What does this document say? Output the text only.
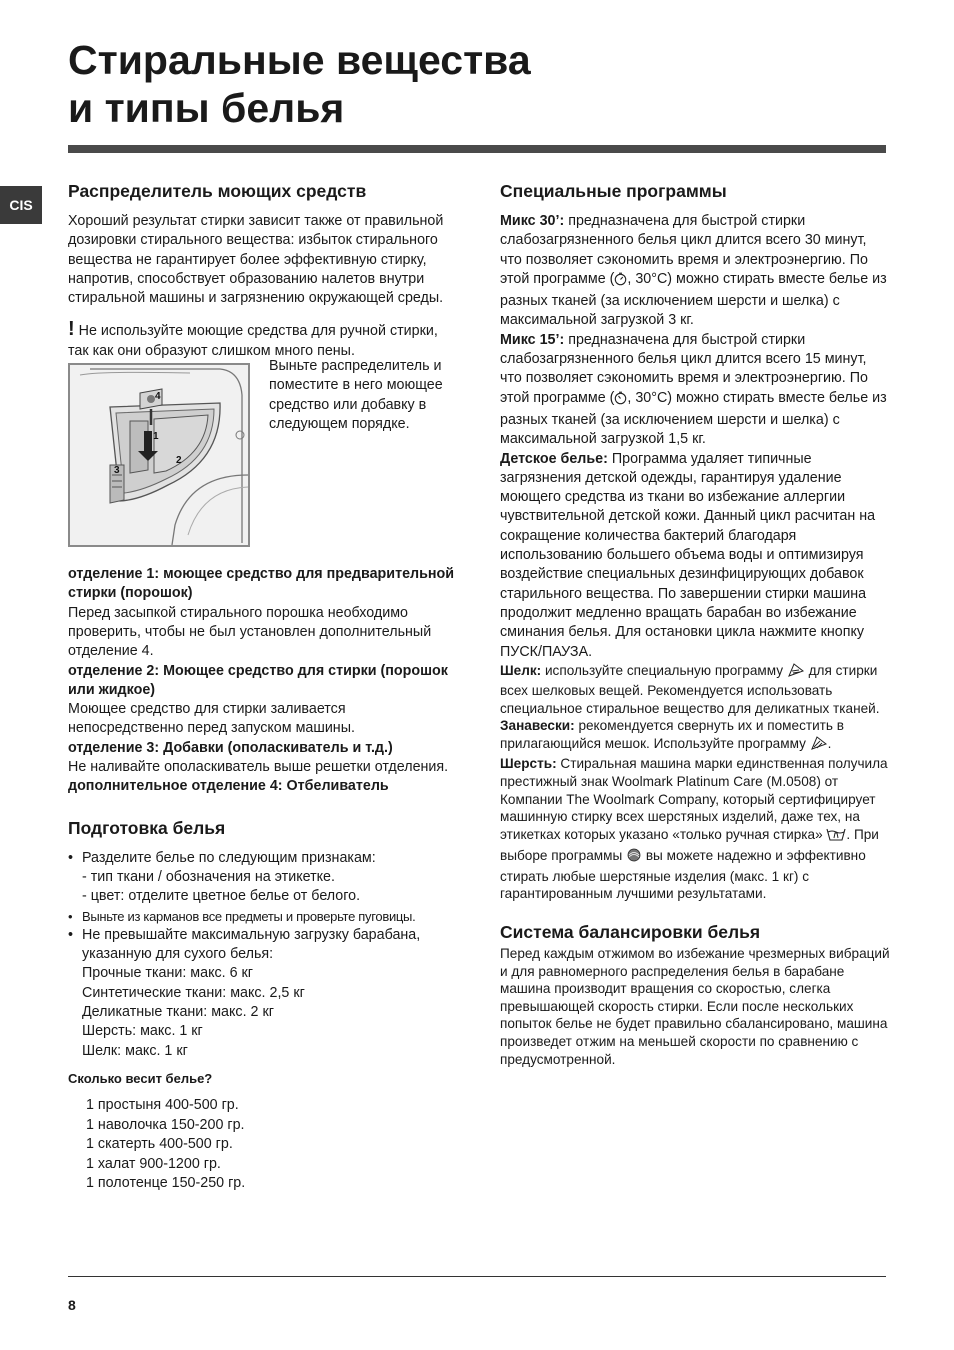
Стиральные вещества
и типы белья
CIS
Распределитель моющих средств

Хороший результат стирки зависит также от правильной дозировки стирального вещества: избыток стирального вещества не гарантирует более эффективную стирку, напротив, способствует образованию налетов внутри стиральной машины и загрязнению окружающей среды.

! Не используйте моющие средства для ручной стирки, так как они образуют слишком много пены.

4
1
2
3

Выньте распределитель и поместите в него моющее средство или добавку в следующем порядке.

отделение 1: моющее средство для предварительной стирки (порошок)

Перед засыпкой стирального порошка необходимо проверить, чтобы не был установлен дополнительный отделение 4.

отделение 2: Моющее средство для стирки (порошок или жидкое)

Моющее средство для стирки заливается непосредственно перед запуском машины.

отделение 3: Добавки (ополаскиватель и т.д.)

Не наливайте ополаскиватель выше решетки отделения.

дополнительное отделение 4: Отбеливатель

Подготовка белья
• Разделите белье по следующим признакам:
- тип ткани / обозначения на этикетке.
- цвет: отделите цветное белье от белого.
• Выньте из карманов все предметы и проверьте пуговицы.
• Не превышайте максимальную загрузку барабана, указанную для сухого белья:
Прочные ткани: макс. 6 кг
Синтетические ткани: макс. 2,5 кг
Деликатные ткани: макс. 2 кг
Шерсть: макс. 1 кг
Шелк: макс. 1 кг

Сколько весит белье?

1 простыня 400-500 гр.
1 наволочка 150-200 гр.
1 скатерть 400-500 гр.
1 халат 900-1200 гр.
1 полотенце 150-250 гр.
Специальные программы

Микс 30’: предназначена для быстрой стирки слабозагрязненного белья цикл длится всего 30 минут, что позволяет сэкономить время и электроэнергию. По этой программе ( , 30°C) можно стирать вместе белье из разных тканей (за исключением шерсти и шелка) с максимальной загрузкой 3 кг.

Микс 15’: предназначена для быстрой стирки слабозагрязненного белья цикл длится всего 15 минут, что позволяет сэкономить время и электроэнергию. По этой программе ( , 30°C) можно стирать вместе белье из разных тканей (за исключением шерсти и шелка) с максимальной загрузкой 1,5 кг.

Детское белье: Программа удаляет типичные загрязнения детской одежды, гарантируя удаление моющего средства из ткани во избежание аллергии чувствительной детской кожи. Данный цикл расчитан на сокращение количества бактерий благодаря использованию большего объема воды и оптимизируя воздействие специальных дезинфицирующих добавок старильного вещества. По завершении стирки машина продолжит медленно вращать барабан во избежание сминания белья. Для остановки цикла нажмите кнопку ПУСК/ПАУЗА.

Шелк: используйте специальную программу для стирки всех шелковых вещей. Рекомендуется использовать специальное стиральное вещество для деликатных тканей.

Занавески: рекомендуется свернуть их и поместить в прилагающийся мешок. Используйте программу .

Шерсть: Стиральная машина марки единственная получила престижный знак Woolmark Platinum Care (M.0508) от Компании The Woolmark Company, который сертифицирует машинную стирку всех шерстяных изделий, даже тех, на этикетках которых указано «только ручная стирка» . При выборе программы вы можете надежно и эффективно стирать любые шерстяные изделия (макс. 1 кг) с гарантированным лучшими результатами.

Система балансировки белья

Перед каждым отжимом во избежание чрезмерных вибраций и для равномерного распределения белья в барабане машина производит вращения со скоростью, слегка превышающей скорость стирки. Если после нескольких попыток белье не будет правильно сбалансировано, машина произведет отжим на меньшей скорости по сравнению с предусмотренной.

8
